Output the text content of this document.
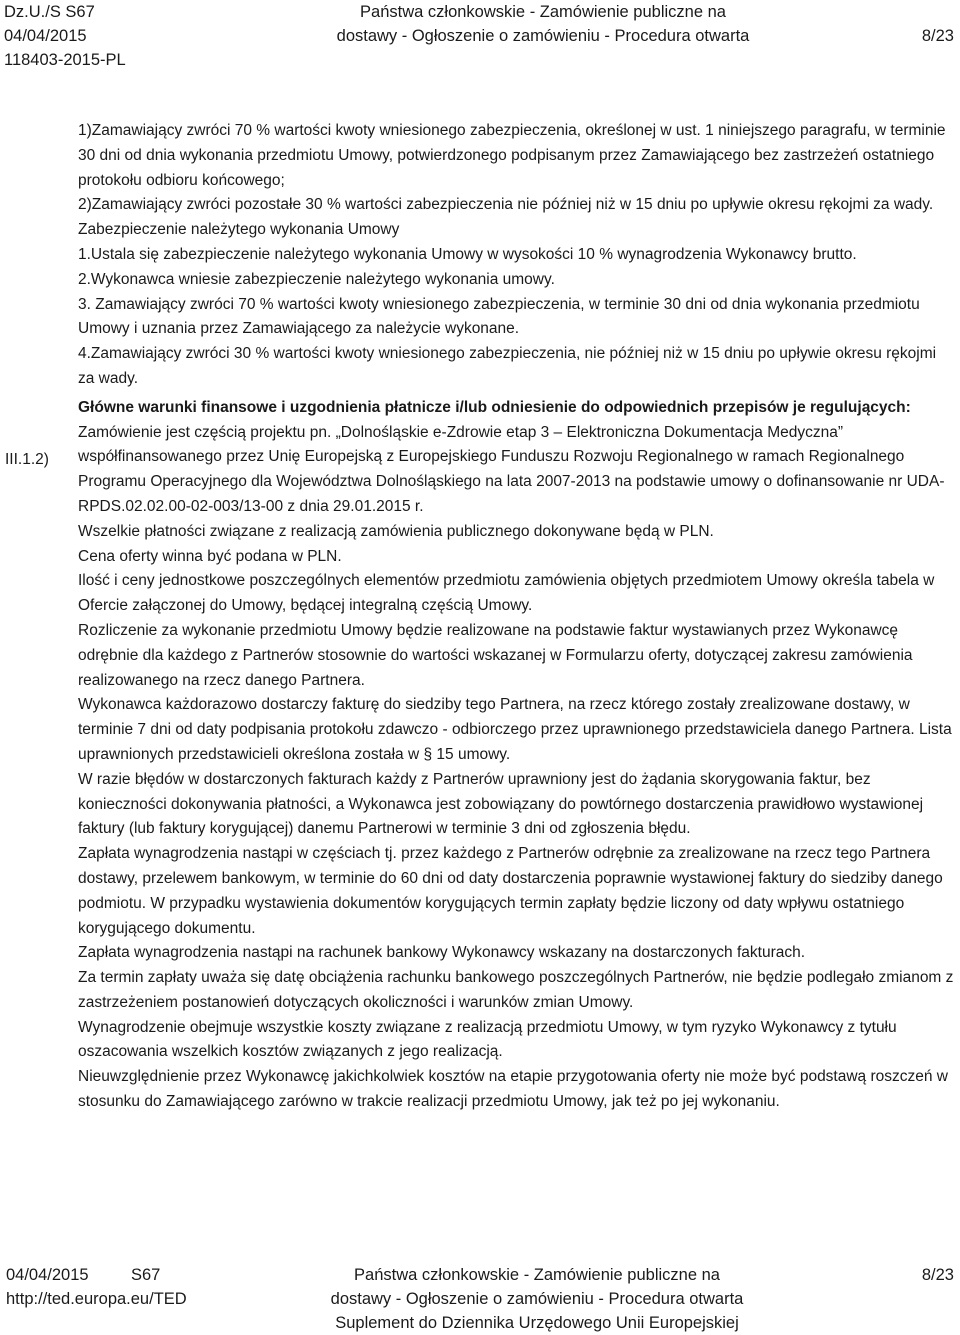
Dz.U./S S67
04/04/2015
118403-2015-PL
Państwa członkowskie - Zamówienie publiczne na
dostawy - Ogłoszenie o zamówieniu - Procedura otwarta	8/23
III.1.2)

1)Zamawiający zwróci 70 % wartości kwoty wniesionego zabezpieczenia, określonej w ust. 1 niniejszego paragrafu, w terminie 30 dni od dnia wykonania przedmiotu Umowy, potwierdzonego podpisanym przez Zamawiającego bez zastrzeżeń ostatniego protokołu odbioru końcowego;

2)Zamawiający zwróci pozostałe 30 % wartości zabezpieczenia nie później niż w 15 dniu po upływie okresu rękojmi za wady.

Zabezpieczenie należytego wykonania Umowy

1.Ustala się zabezpieczenie należytego wykonania Umowy w wysokości 10 % wynagrodzenia Wykonawcy brutto.

2.Wykonawca wniesie zabezpieczenie należytego wykonania umowy.

3. Zamawiający zwróci 70 % wartości kwoty wniesionego zabezpieczenia, w terminie 30 dni od dnia wykonania przedmiotu Umowy i uznania przez Zamawiającego za należycie wykonane.

4.Zamawiający zwróci 30 % wartości kwoty wniesionego zabezpieczenia, nie później niż w 15 dniu po upływie okresu rękojmi za wady.

Główne warunki finansowe i uzgodnienia płatnicze i/lub odniesienie do odpowiednich przepisów je regulujących:

Zamówienie jest częścią projektu pn. „Dolnośląskie e-Zdrowie etap 3 – Elektroniczna Dokumentacja Medyczna” współfinansowanego przez Unię Europejską z Europejskiego Funduszu Rozwoju Regionalnego w ramach Regionalnego Programu Operacyjnego dla Województwa Dolnośląskiego na lata 2007-2013 na podstawie umowy o dofinansowanie nr UDA-RPDS.02.02.00-02-003/13-00 z dnia 29.01.2015 r.

Wszelkie płatności związane z realizacją zamówienia publicznego dokonywane będą w PLN.

Cena oferty winna być podana w PLN.

Ilość i ceny jednostkowe poszczególnych elementów przedmiotu zamówienia objętych przedmiotem Umowy określa tabela w Ofercie załączonej do Umowy, będącej integralną częścią Umowy.

Rozliczenie za wykonanie przedmiotu Umowy będzie realizowane na podstawie faktur wystawianych przez Wykonawcę odrębnie dla każdego z Partnerów stosownie do wartości wskazanej w Formularzu oferty, dotyczącej zakresu zamówienia realizowanego na rzecz danego Partnera.

Wykonawca każdorazowo dostarczy fakturę do siedziby tego Partnera, na rzecz którego zostały zrealizowane dostawy, w terminie 7 dni od daty podpisania protokołu zdawczo - odbiorczego przez uprawnionego przedstawiciela danego Partnera. Lista uprawnionych przedstawicieli określona została w § 15 umowy.

W razie błędów w dostarczonych fakturach każdy z Partnerów uprawniony jest do żądania skorygowania faktur, bez konieczności dokonywania płatności, a Wykonawca jest zobowiązany do powtórnego dostarczenia prawidłowo wystawionej faktury (lub faktury korygującej) danemu Partnerowi w terminie 3 dni od zgłoszenia błędu.

Zapłata wynagrodzenia nastąpi w częściach tj. przez każdego z Partnerów odrębnie za zrealizowane na rzecz tego Partnera dostawy, przelewem bankowym, w terminie do 60 dni od daty dostarczenia poprawnie wystawionej faktury do siedziby danego podmiotu. W przypadku wystawienia dokumentów korygujących termin zapłaty będzie liczony od daty wpływu ostatniego korygującego dokumentu.

Zapłata wynagrodzenia nastąpi na rachunek bankowy Wykonawcy wskazany na dostarczonych fakturach.

Za termin zapłaty uważa się datę obciążenia rachunku bankowego poszczególnych Partnerów, nie będzie podlegało zmianom z zastrzeżeniem postanowień dotyczących okoliczności i warunków zmian Umowy.

Wynagrodzenie obejmuje wszystkie koszty związane z realizacją przedmiotu Umowy, w tym ryzyko Wykonawcy z tytułu oszacowania wszelkich kosztów związanych z jego realizacją.

Nieuwzględnienie przez Wykonawcę jakichkolwiek kosztów na etapie przygotowania oferty nie może być podstawą roszczeń w stosunku do Zamawiającego zarówno w trakcie realizacji przedmiotu Umowy, jak też po jej wykonaniu.

04/04/2015
http://ted.europa.eu/TED
S67	Państwa członkowskie - Zamówienie publiczne na
dostawy - Ogłoszenie o zamówieniu - Procedura otwarta
Suplement do Dziennika Urzędowego Unii Europejskiej
8/23
